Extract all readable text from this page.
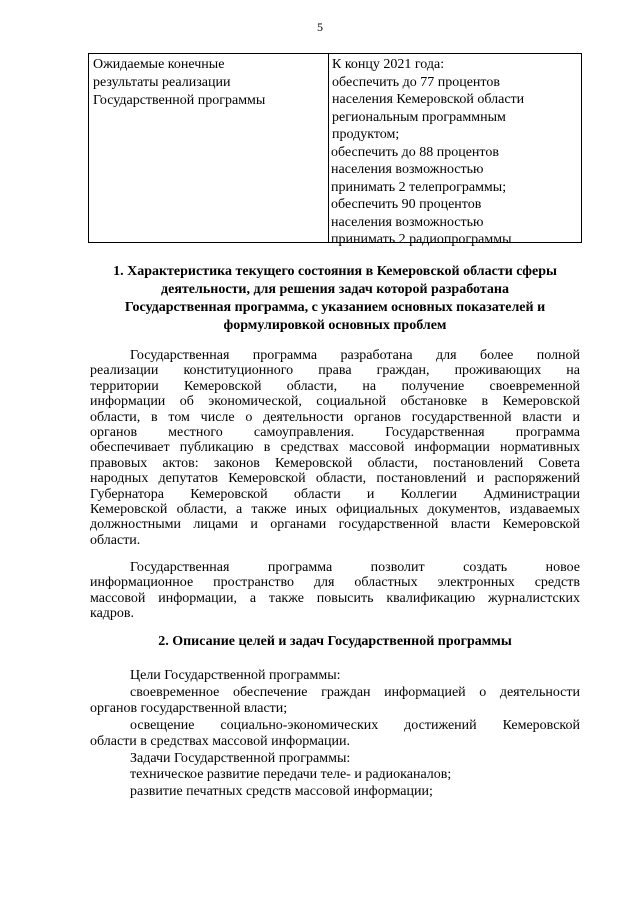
5
Ожидаемые конечные
результаты реализации
Государственной программы
К концу 2021 года:
обеспечить до 77 процентов
населения Кемеровской области
региональным программным
продуктом;
обеспечить до 88 процентов
населения возможностью
принимать 2 телепрограммы;
обеспечить 90 процентов
населения возможностью
принимать 2 радиопрограммы
1. Характеристика текущего состояния в Кемеровской области сферы
деятельности, для решения задач которой разработана
Государственная программа, с указанием основных показателей и
формулировкой основных проблем
Государственная программа разработана для более полной
реализации конституционного права граждан, проживающих на
территории Кемеровской области, на получение своевременной
информации об экономической, социальной обстановке в Кемеровской
области, в том числе о деятельности органов государственной власти и
органов местного самоуправления. Государственная программа
обеспечивает публикацию в средствах массовой информации нормативных
правовых актов: законов Кемеровской области, постановлений Совета
народных депутатов Кемеровской области, постановлений и распоряжений
Губернатора Кемеровской области и Коллегии Администрации
Кемеровской области, а также иных официальных документов, издаваемых
должностными лицами и органами государственной власти Кемеровской
области.
Государственная программа позволит создать новое
информационное пространство для областных электронных средств
массовой информации, а также повысить квалификацию журналистских
кадров.
2. Описание целей и задач Государственной программы
Цели Государственной программы:
своевременное обеспечение граждан информацией о деятельности
органов государственной власти;
освещение социально-экономических достижений Кемеровской
области в средствах массовой информации.
Задачи Государственной программы:
техническое развитие передачи теле- и радиоканалов;
развитие печатных средств массовой информации;
